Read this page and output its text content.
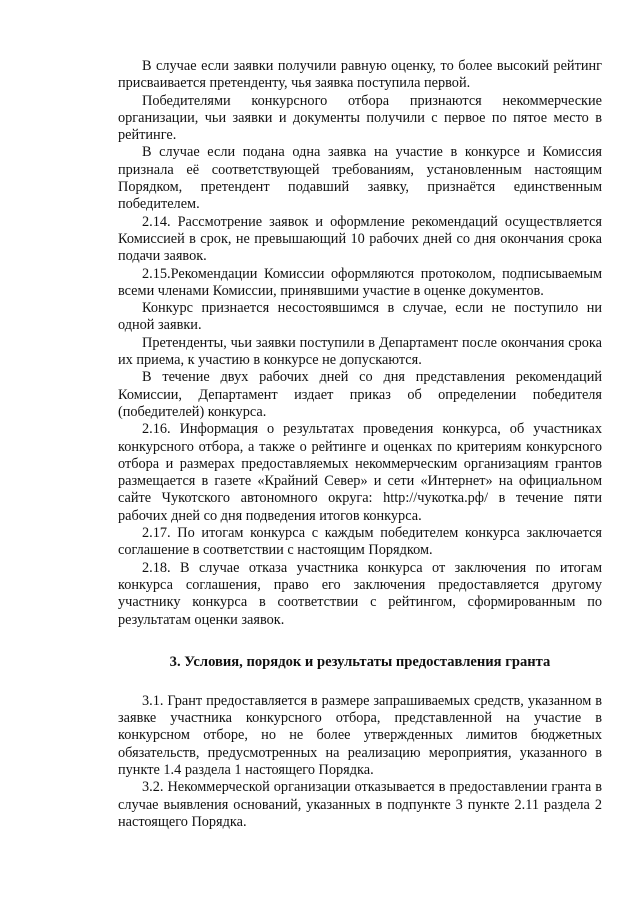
В случае если заявки получили равную оценку, то более высокий рейтинг присваивается претенденту, чья заявка поступила первой.

Победителями конкурсного отбора признаются некоммерческие организации, чьи заявки и документы получили с первое по пятое место в рейтинге.

В случае если подана одна заявка на участие в конкурсе и Комиссия признала её соответствующей требованиям, установленным настоящим Порядком, претендент подавший заявку, признаётся единственным победителем.

2.14. Рассмотрение заявок и оформление рекомендаций осуществляется Комиссией в срок, не превышающий 10 рабочих дней со дня окончания срока подачи заявок.

2.15.Рекомендации Комиссии оформляются протоколом, подписываемым всеми членами Комиссии, принявшими участие в оценке документов.

Конкурс признается несостоявшимся в случае, если не поступило ни одной заявки.

Претенденты, чьи заявки поступили в Департамент после окончания срока их приема, к участию в конкурсе не допускаются.

В течение двух рабочих дней со дня представления рекомендаций Комиссии, Департамент издает приказ об определении победителя (победителей) конкурса.

2.16. Информация о результатах проведения конкурса, об участниках конкурсного отбора, а также о рейтинге и оценках по критериям конкурсного отбора и размерах предоставляемых некоммерческим организациям грантов размещается в газете «Крайний Север» и сети «Интернет» на официальном сайте Чукотского автономного округа: http://чукотка.рф/ в течение пяти рабочих дней со дня подведения итогов конкурса.

2.17. По итогам конкурса с каждым победителем конкурса заключается соглашение в соответствии с настоящим Порядком.

2.18. В случае отказа участника конкурса от заключения по итогам конкурса соглашения, право его заключения предоставляется другому участнику конкурса в соответствии с рейтингом, сформированным по результатам оценки заявок.

3. Условия, порядок и результаты предоставления гранта

3.1. Грант предоставляется в размере запрашиваемых средств, указанном в заявке участника конкурсного отбора, представленной на участие в конкурсном отборе, но не более утвержденных лимитов бюджетных обязательств, предусмотренных на реализацию мероприятия, указанного в пункте 1.4 раздела 1 настоящего Порядка.

3.2. Некоммерческой организации отказывается в предоставлении гранта в случае выявления оснований, указанных в подпункте 3 пункте 2.11 раздела 2 настоящего Порядка.
